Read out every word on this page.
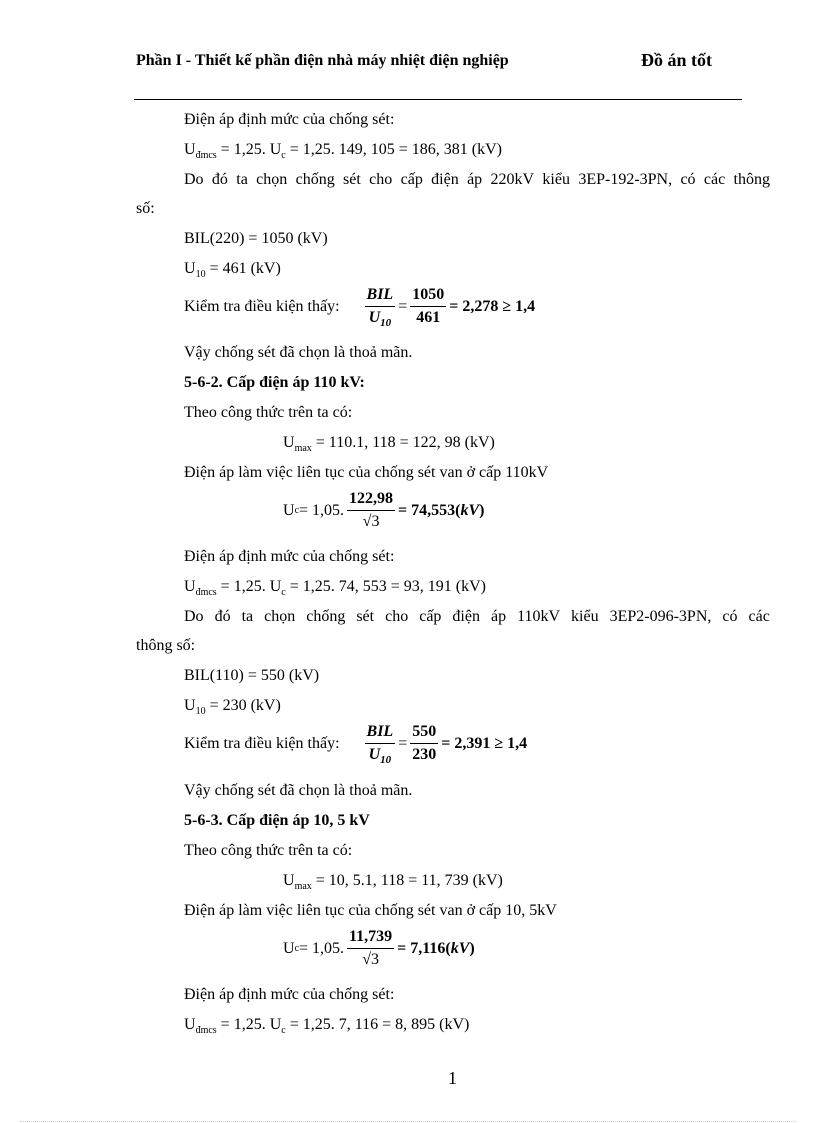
Phần I - Thiết kế phần điện nhà máy nhiệt điện nghiệp	Đồ án tốt
Điện áp định mức của chống sét:
$U_{đmcs} = 1,25$. $U_c = 1,25$. 149, 105 = 186, 381 (kV)
Do đó ta chọn chống sét cho cấp điện áp 220kV kiểu 3EP-192-3PN, có các thông
số:
BIL(220) = 1050 (kV)
$U_{10} = 461$ (kV)
Kiểm tra điều kiện thấy: $\frac{\text{BIL}}{U_{10}} = \frac{1050}{461} = 2,278 \ge 1,4$
Vậy chống sét đã chọn là thoả mãn.
5-6-2. Cấp điện áp 110 kV:
Theo công thức trên ta có:
$U_{max} = 110.1$, 118 = 122, 98 (kV)
Điện áp làm việc liên tục của chống sét van ở cấp 110kV
U c = 1,05. $\frac{122,98}{√3} = 74,553(kV)$
Điện áp định mức của chống sét:
$U_{đmcs} = 1,25$. $U_c = 1,25$. 74, 553 = 93, 191 (kV)
Do đó ta chọn chống sét cho cấp điện áp 110kV kiểu 3EP2-096-3PN, có các
thông số:
BIL(110) = 550 (kV)
$U_{10} = 230$ (kV)
Kiểm tra điều kiện thấy: $\frac{\text{BIL}}{U_{10}} = \frac{550}{230} = 2,391 \ge 1,4$
Vậy chống sét đã chọn là thoả mãn.
5-6-3. Cấp điện áp 10, 5 kV
Theo công thức trên ta có:
$U_{max} = 10$, 5.1, 118 = 11, 739 (kV)
Điện áp làm việc liên tục của chống sét van ở cấp 10, 5kV
U c = 1,05. $\frac{11,739}{√3} = 7,116(kV)$
Điện áp định mức của chống sét:
$U_{đmcs} = 1,25$. $U_c = 1,25$. 7, 116 = 8, 895 (kV)
1
